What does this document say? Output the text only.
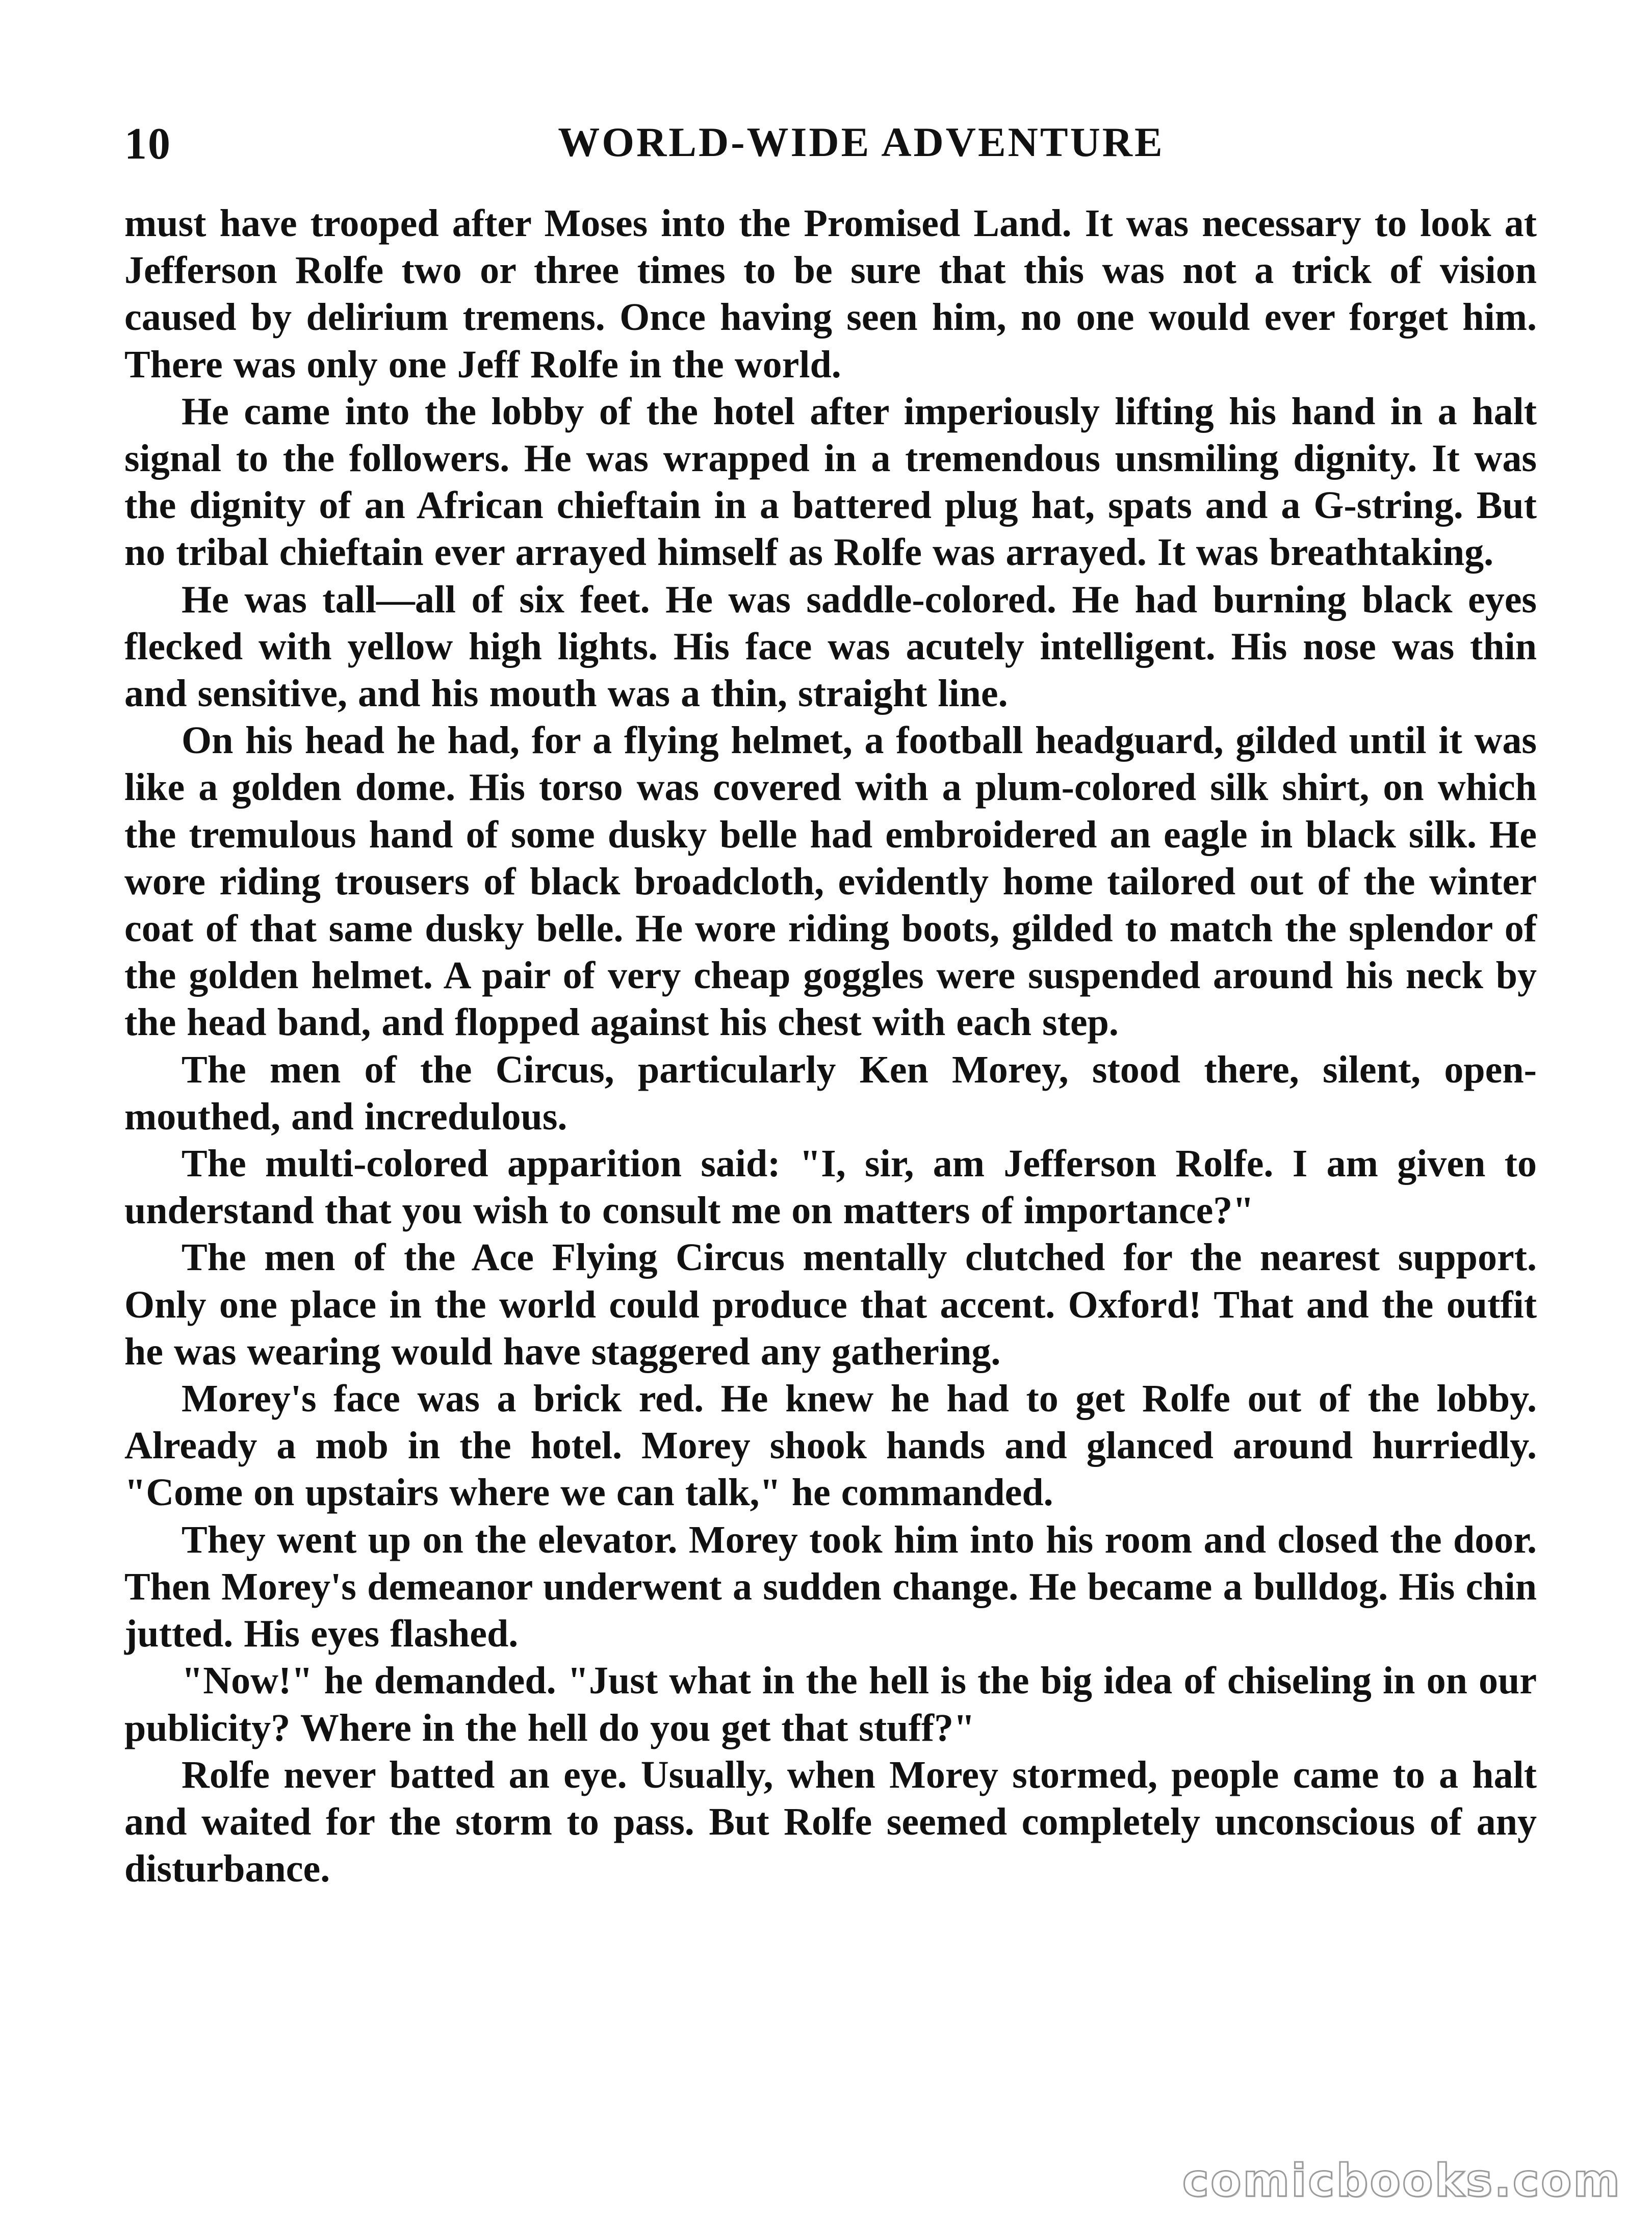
10	WORLD-WIDE ADVENTURE

must have trooped after Moses into the Promised Land. It was necessary to look at Jefferson Rolfe two or three times to be sure that this was not a trick of vision caused by delirium tremens. Once having seen him, no one would ever forget him. There was only one Jeff Rolfe in the world.

He came into the lobby of the hotel after imperiously lifting his hand in a halt signal to the followers. He was wrapped in a tremendous unsmiling dignity. It was the dignity of an African chieftain in a battered plug hat, spats and a G-string. But no tribal chieftain ever arrayed himself as Rolfe was arrayed. It was breathtaking.

He was tall—all of six feet. He was saddle-colored. He had burning black eyes flecked with yellow high lights. His face was acutely intelligent. His nose was thin and sensitive, and his mouth was a thin, straight line.

On his head he had, for a flying helmet, a football headguard, gilded until it was like a golden dome. His torso was covered with a plum-colored silk shirt, on which the tremulous hand of some dusky belle had embroidered an eagle in black silk. He wore riding trousers of black broadcloth, evidently home tailored out of the winter coat of that same dusky belle. He wore riding boots, gilded to match the splendor of the golden helmet. A pair of very cheap goggles were suspended around his neck by the head band, and flopped against his chest with each step.

The men of the Circus, particularly Ken Morey, stood there, silent, open-mouthed, and incredulous.

The multi-colored apparition said: "I, sir, am Jefferson Rolfe. I am given to understand that you wish to consult me on matters of importance?"

The men of the Ace Flying Circus mentally clutched for the nearest support. Only one place in the world could produce that accent. Oxford! That and the outfit he was wearing would have staggered any gathering.

Morey's face was a brick red. He knew he had to get Rolfe out of the lobby. Already a mob in the hotel. Morey shook hands and glanced around hurriedly. "Come on upstairs where we can talk," he commanded.

They went up on the elevator. Morey took him into his room and closed the door. Then Morey's demeanor underwent a sudden change. He became a bulldog. His chin jutted. His eyes flashed.

"Now!" he demanded. "Just what in the hell is the big idea of chiseling in on our publicity? Where in the hell do you get that stuff?"

Rolfe never batted an eye. Usually, when Morey stormed, people came to a halt and waited for the storm to pass. But Rolfe seemed completely unconscious of any disturbance.

comicbooks.com
